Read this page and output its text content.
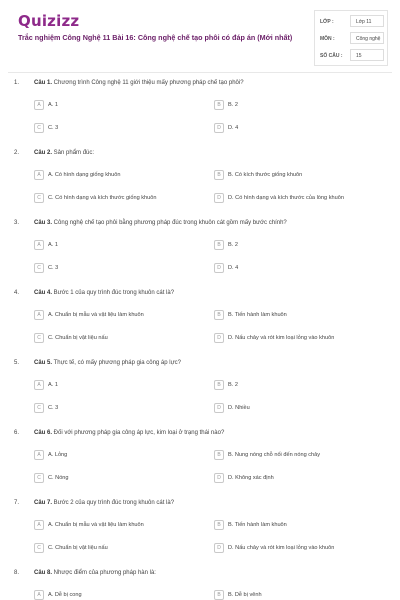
Quizizz
Trắc nghiệm Công Nghệ 11 Bài 16: Công nghệ chế tạo phôi có đáp án (Mới nhất)
LỚP :	Lớp 11
MÔN :	Công nghệ
SỐ CÂU :	15
1. Câu 1. Chương trình Công nghệ 11 giới thiệu mấy phương pháp chế tạo phôi?
A	A. 1	B	B. 2
C	C. 3	D	D. 4
2. Câu 2. Sản phẩm đúc:
A	A. Có hình dạng giống khuôn	B	B. Có kích thước giống khuôn
C	C. Có hình dạng và kích thước giống khuôn	D	D. Có hình dạng và kích thước của lòng khuôn
3. Câu 3. Công nghệ chế tạo phôi bằng phương pháp đúc trong khuôn cát gồm mấy bước chính?
A	A. 1	B	B. 2
C	C. 3	D	D. 4
4. Câu 4. Bước 1 của quy trình đúc trong khuôn cát là?
A	A. Chuẩn bị mẫu và vật liệu làm khuôn	B	B. Tiến hành làm khuôn
C	C. Chuẩn bị vật liệu nấu	D	D. Nấu chảy và rót kim loại lỏng vào khuôn
5. Câu 5. Thực tế, có mấy phương pháp gia công áp lực?
A	A. 1	B	B. 2
C	C. 3	D	D. Nhiều
6. Câu 6. Đối với phương pháp gia công áp lực, kim loại ở trạng thái nào?
A	A. Lỏng	B	B. Nung nóng chỗ nối đến nóng chảy
C	C. Nóng	D	D. Không xác định
7. Câu 7. Bước 2 của quy trình đúc trong khuôn cát là?
A	A. Chuẩn bị mẫu và vật liệu làm khuôn	B	B. Tiến hành làm khuôn
C	C. Chuẩn bị vật liệu nấu	D	D. Nấu chảy và rót kim loại lỏng vào khuôn
8. Câu 8. Nhược điểm của phương pháp hàn là:
A	A. Dễ bị cong	B	B. Dễ bị vênh
